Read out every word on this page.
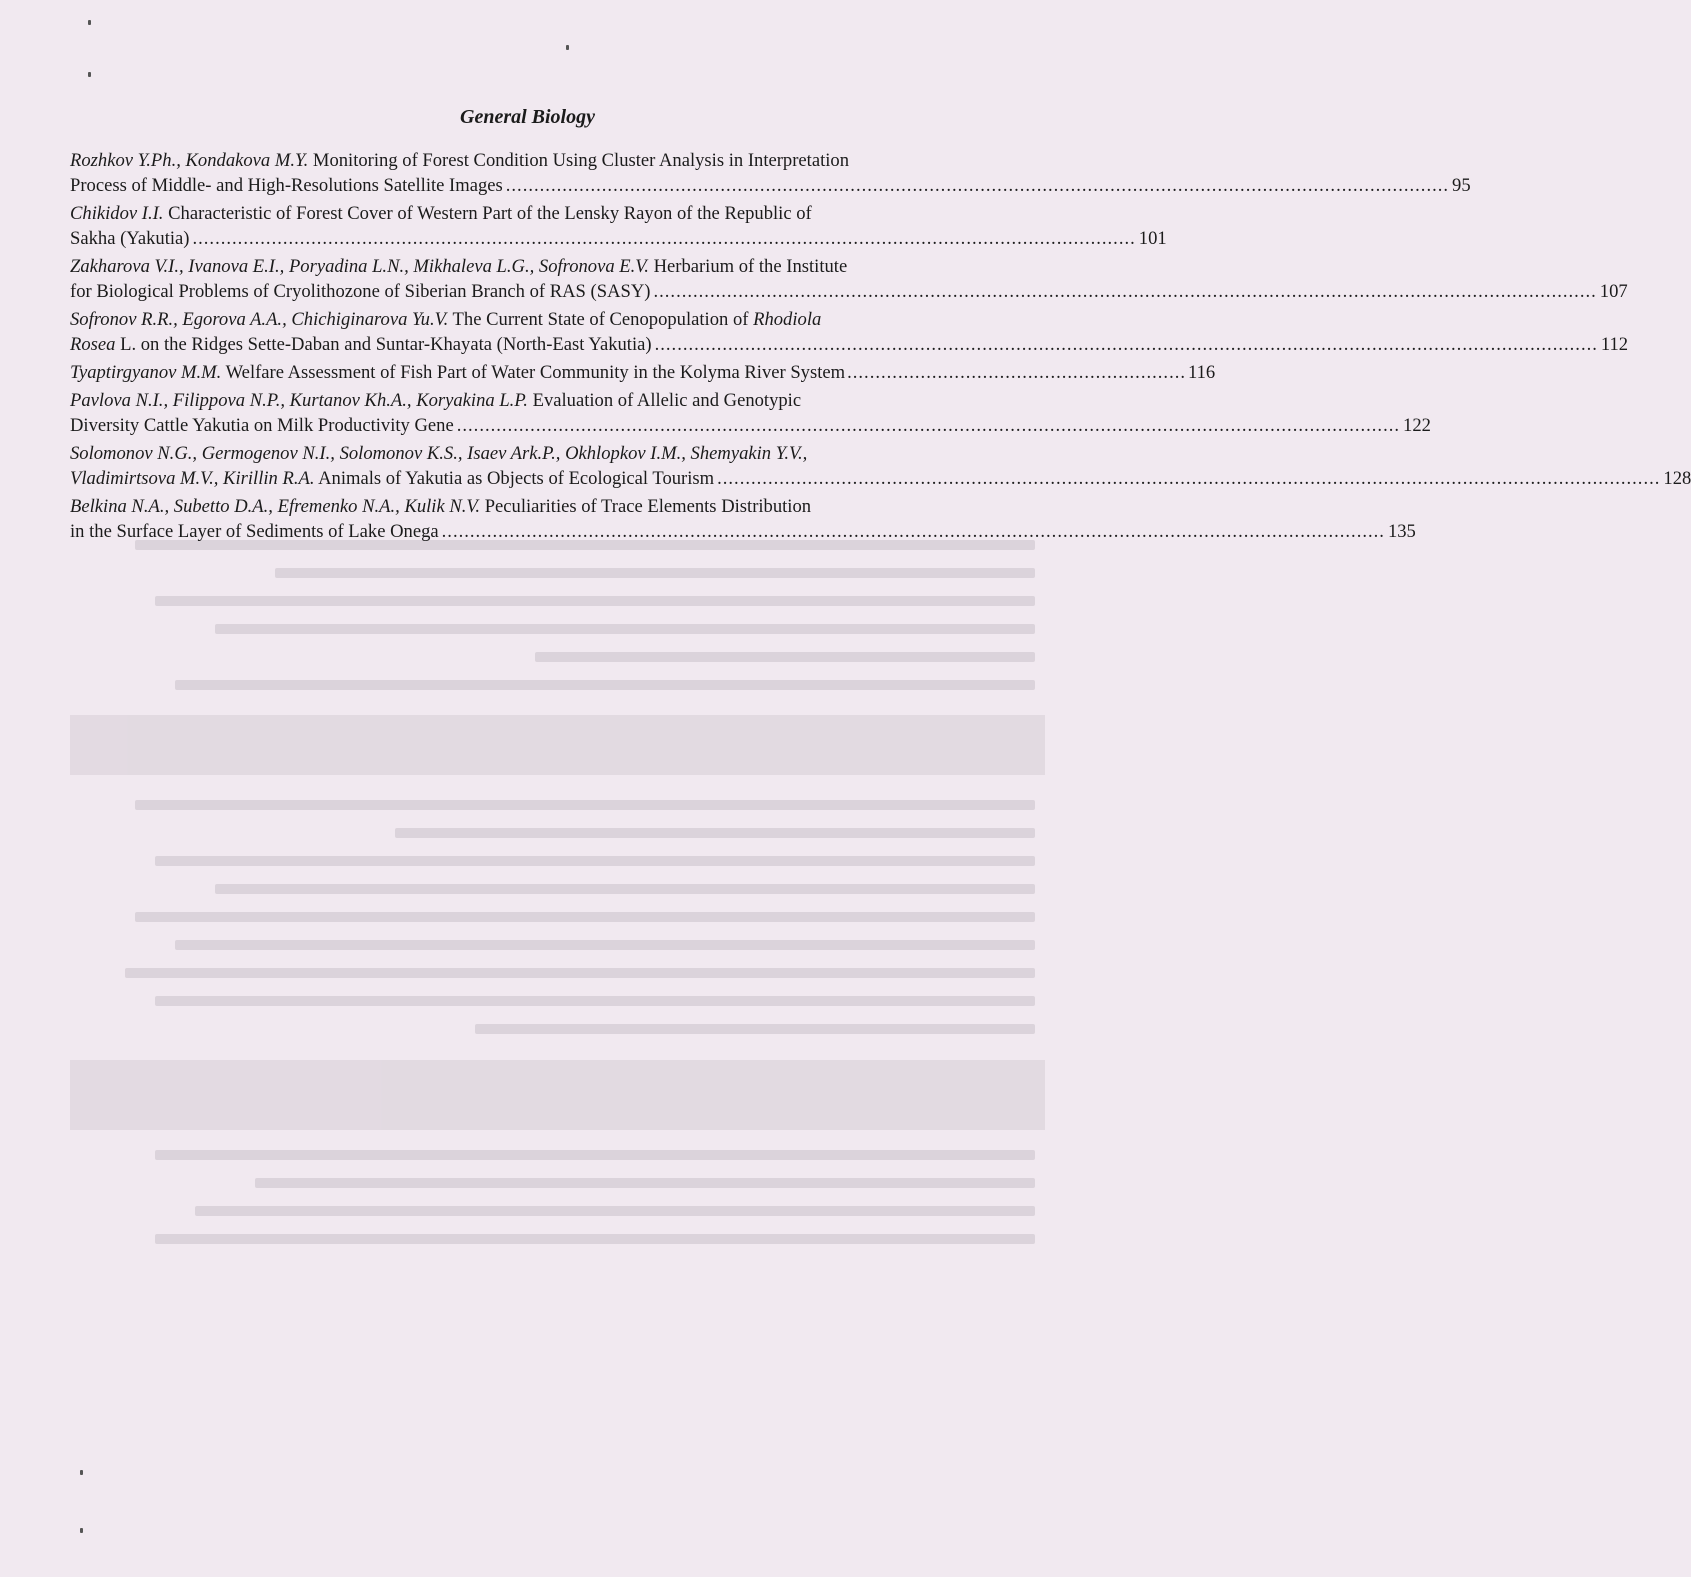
General Biology
Rozhkov Y.Ph., Kondakova M.Y. Monitoring of Forest Condition Using Cluster Analysis in Interpretation
Process of Middle- and High-Resolutions Satellite Images ....................................................................................................................................................................... 95
Chikidov I.I. Characteristic of Forest Cover of Western Part of the Lensky Rayon of the Republic of
Sakha (Yakutia) ....................................................................................................................................................................... 101
Zakharova V.I., Ivanova E.I., Poryadina L.N., Mikhaleva L.G., Sofronova E.V. Herbarium of the Institute
for Biological Problems of Cryolithozone of Siberian Branch of RAS (SASY) ....................................................................................................................................................................... 107
Sofronov R.R., Egorova A.A., Chichiginarova Yu.V. The Current State of Cenopopulation of Rhodiola
Rosea L. on the Ridges Sette-Daban and Suntar-Khayata (North-East Yakutia) ....................................................................................................................................................................... 112
Tyaptirgyanov M.M. Welfare Assessment of Fish Part of Water Community in the Kolyma River System ............................................................ 116
Pavlova N.I., Filippova N.P., Kurtanov Kh.A., Koryakina L.P. Evaluation of Allelic and Genotypic
Diversity Cattle Yakutia on Milk Productivity Gene ....................................................................................................................................................................... 122
Solomonov N.G., Germogenov N.I., Solomonov K.S., Isaev Ark.P., Okhlopkov I.M., Shemyakin Y.V.,
Vladimirtsova M.V., Kirillin R.A. Animals of Yakutia as Objects of Ecological Tourism ....................................................................................................................................................................... 128
Belkina N.A., Subetto D.A., Efremenko N.A., Kulik N.V. Peculiarities of Trace Elements Distribution
in the Surface Layer of Sediments of Lake Onega ....................................................................................................................................................................... 135
